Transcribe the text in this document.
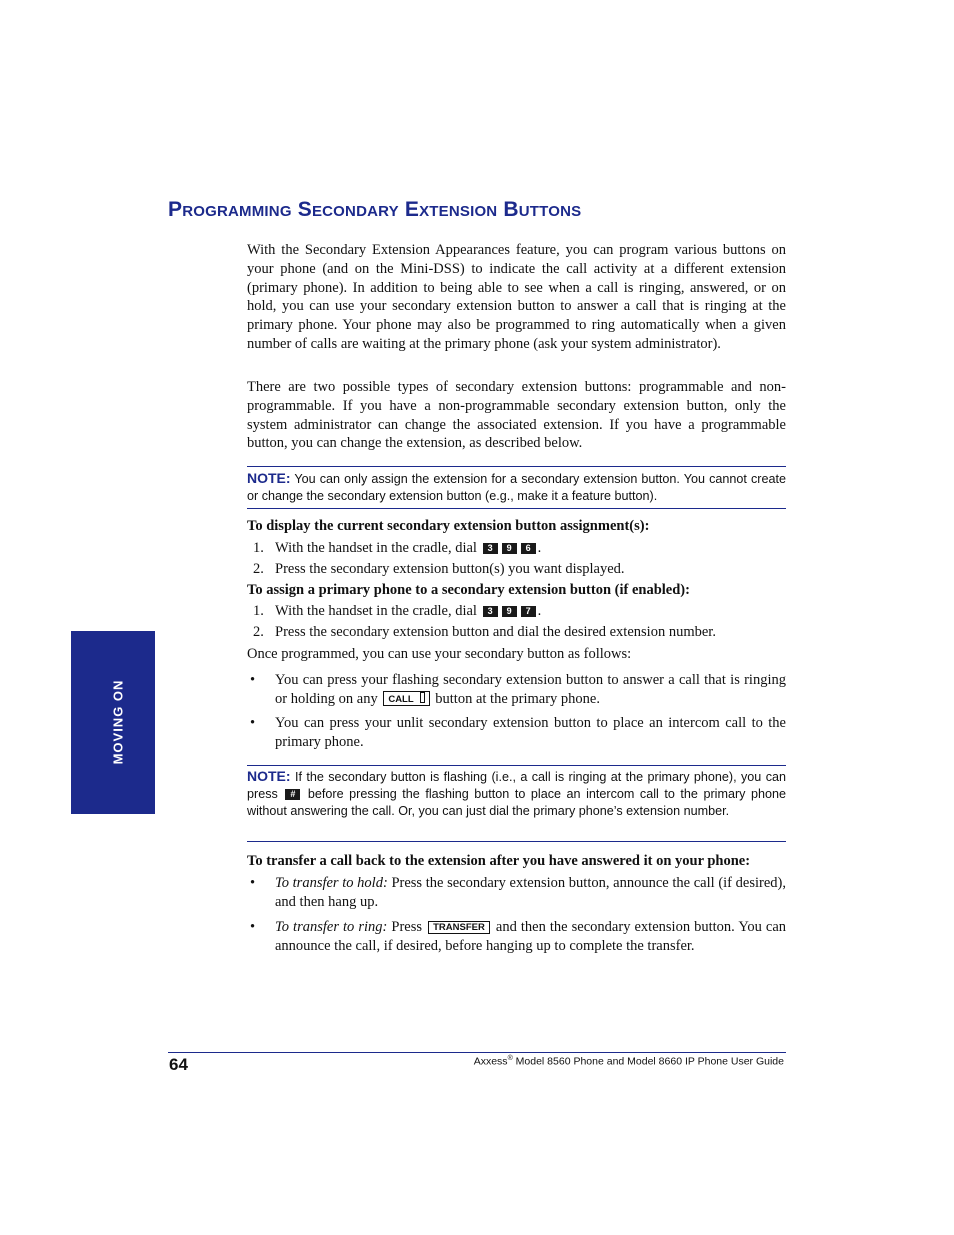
Programming Secondary Extension Buttons
With the Secondary Extension Appearances feature, you can program various buttons on your phone (and on the Mini-DSS) to indicate the call activity at a different extension (primary phone). In addition to being able to see when a call is ringing, answered, or on hold, you can use your secondary extension button to answer a call that is ringing at the primary phone. Your phone may also be programmed to ring automatically when a given number of calls are waiting at the primary phone (ask your system administrator).
There are two possible types of secondary extension buttons: programmable and non-programmable. If you have a non-programmable secondary extension button, only the system administrator can change the associated extension. If you have a programmable button, you can change the extension, as described below.
NOTE: You can only assign the extension for a secondary extension button. You cannot create or change the secondary extension button (e.g., make it a feature button).
To display the current secondary extension button assignment(s):
1. With the handset in the cradle, dial 3 9 6 .
2. Press the secondary extension button(s) you want displayed.
To assign a primary phone to a secondary extension button (if enabled):
1. With the handset in the cradle, dial 3 9 7 .
2. Press the secondary extension button and dial the desired extension number.
Once programmed, you can use your secondary button as follows:
• You can press your flashing secondary extension button to answer a call that is ringing or holding on any CALL button at the primary phone.
• You can press your unlit secondary extension button to place an intercom call to the primary phone.
NOTE: If the secondary button is flashing (i.e., a call is ringing at the primary phone), you can press # before pressing the flashing button to place an intercom call to the primary phone without answering the call. Or, you can just dial the primary phone’s extension number.
To transfer a call back to the extension after you have answered it on your phone:
• To transfer to hold: Press the secondary extension button, announce the call (if desired), and then hang up.
• To transfer to ring: Press TRANSFER and then the secondary extension button. You can announce the call, if desired, before hanging up to complete the transfer.
MOVING ON
64	Axxess® Model 8560 Phone and Model 8660 IP Phone User Guide
